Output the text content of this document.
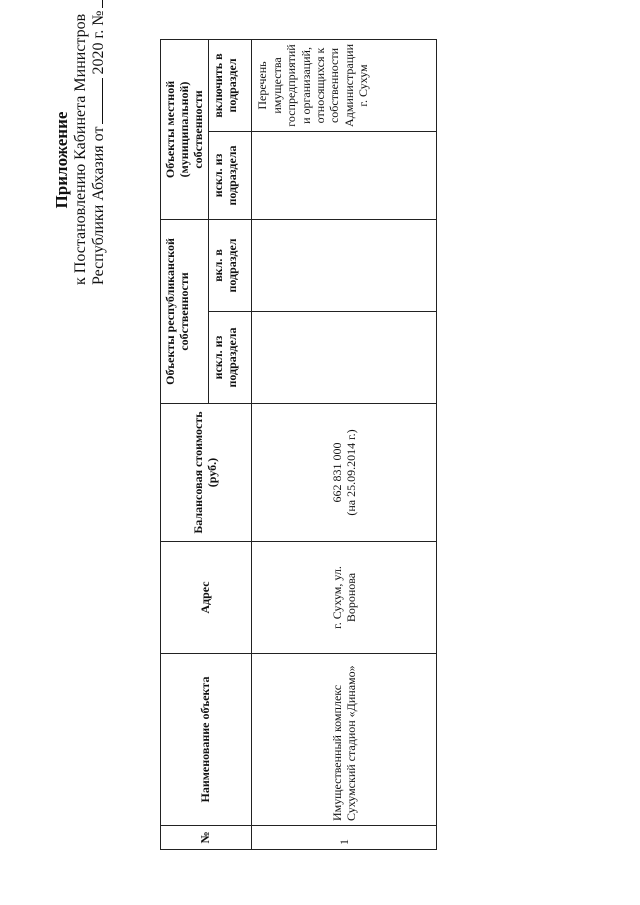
Приложение к Постановлению Кабинета Министров Республики Абхазия от2020 г. №
№	Наименование объекта	Адрес	Балансовая стоимость (руб.)	Объекты республиканской собственности		Объекты местной (муниципальной) собственности	
				искл. из подраздела	вкл. в подраздел	искл. из подраздела	включить в подраздел
1	Имущественный комплекс Сухумский стадион «Динамо»	г. Сухум, ул. Воронова	662 831 000 (на 25.09.2014 г.)				Перечень имущества госпредприятий и организаций, относящихся к собственности Администрации г. Сухум
